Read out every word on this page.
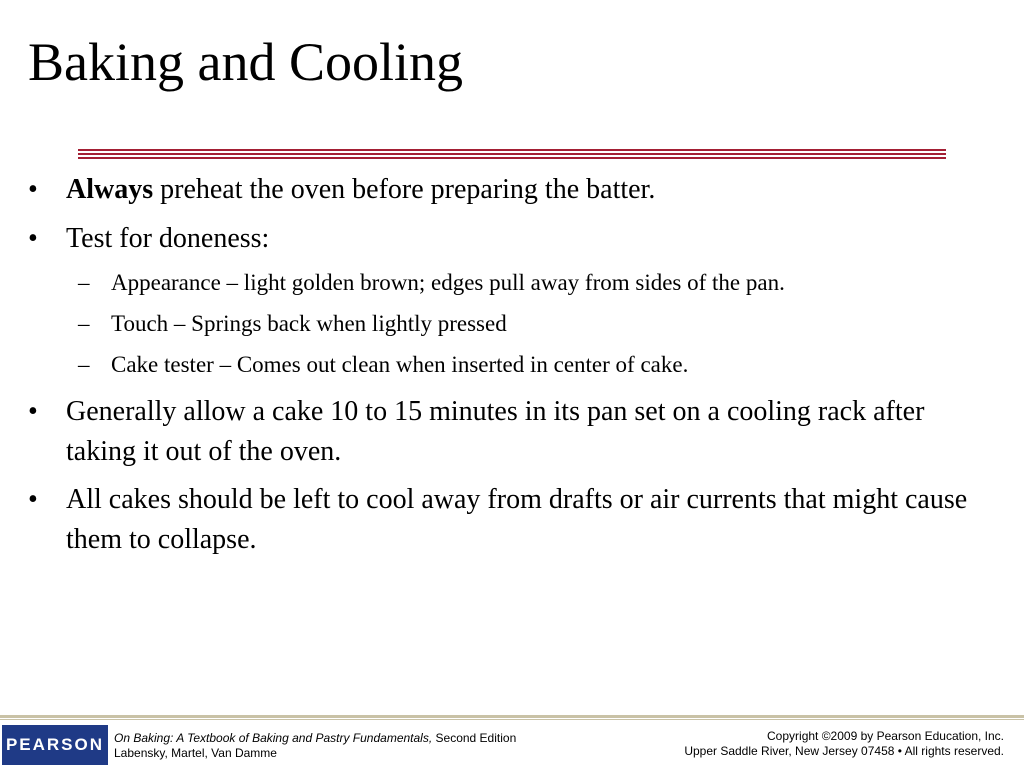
Baking and Cooling
• Always preheat the oven before preparing the batter.
• Test for doneness:
– Appearance – light golden brown; edges pull away from sides of the pan.
– Touch – Springs back when lightly pressed
– Cake tester – Comes out clean when inserted in center of cake.
• Generally allow a cake 10 to 15 minutes in its pan set on a cooling rack after taking it out of the oven.
• All cakes should be left to cool away from drafts or air currents that might cause them to collapse.
PEARSON On Baking: A Textbook of Baking and Pastry Fundamentals, Second Edition
Labensky, Martel, Van Damme
Copyright ©2009 by Pearson Education, Inc.
Upper Saddle River, New Jersey 07458 • All rights reserved.
